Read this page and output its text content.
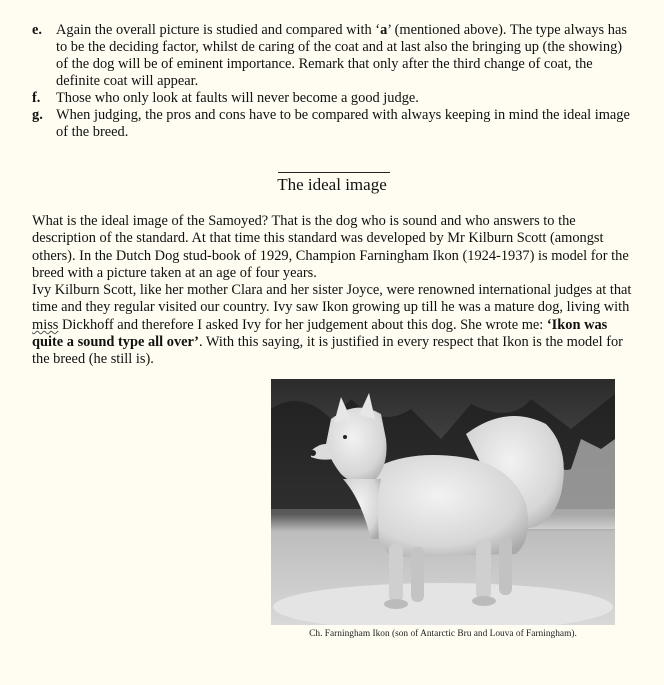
e. Again the overall picture is studied and compared with ‘a’ (mentioned above). The type always has to be the deciding factor, whilst de caring of the coat and at last also the bringing up (the showing) of the dog will be of eminent importance. Remark that only after the third change of coat, the definite coat will appear.
f.	Those who only look at faults will never become a good judge.
g. When judging, the pros and cons have to be compared with always keeping in mind the ideal image of the breed.
The ideal image

What is the ideal image of the Samoyed? That is the dog who is sound and who answers to the description of the standard. At that time this standard was developed by Mr Kilburn Scott (amongst others). In the Dutch Dog stud-book of 1929, Champion Farningham Ikon (1924-1937) is model for the breed with a picture taken at an age of four years.
Ivy Kilburn Scott, like her mother Clara and her sister Joyce, were renowned international judges at that time and they regular visited our country. Ivy saw Ikon growing up till he was a mature dog, living with miss Dickhoff and therefore I asked Ivy for her judgement about this dog. She wrote me: ‘Ikon was quite a sound type all over’. With this saying, it is justified in every respect that Ikon is the model for the breed (he still is).

Ch. Farningham Ikon (son of Antarctic Bru and Louva of Farningham).
